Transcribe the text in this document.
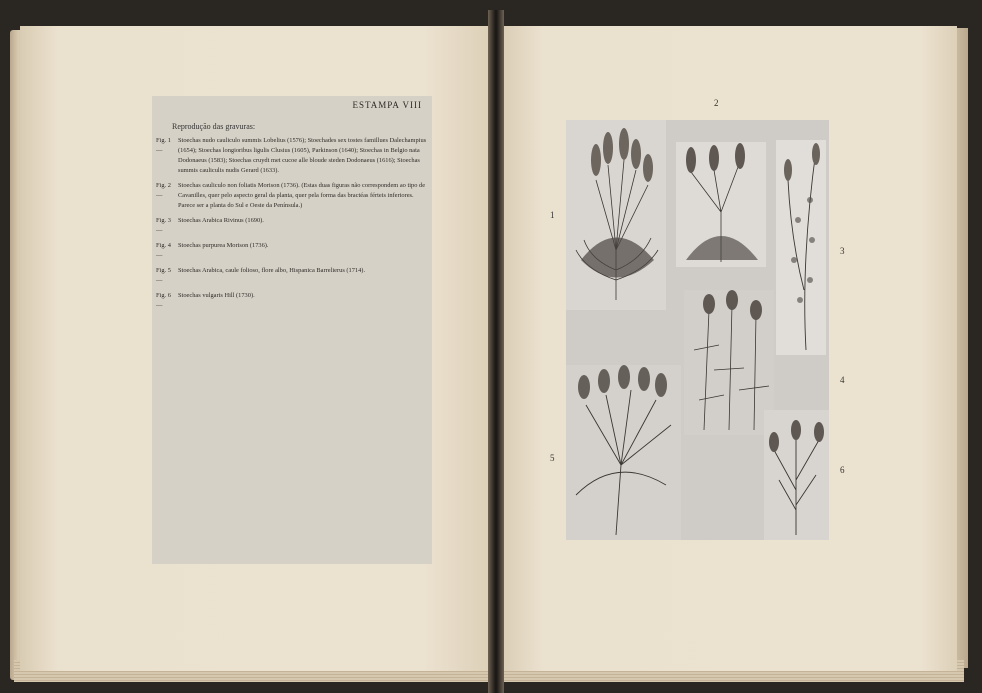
ESTAMPA VIII
Reprodução das gravuras:
Fig. 1 —
Stoechas nudo cauliculo summis Lobelius (1576); Stoechades sex tostes famillues Dalechampius (1654); Stoechas longioribus ligulis Clusius (1605), Parkinson (1640); Stoechas in Belgio nata Dodonaeus (1583); Stoechas cruydt met cucoe alle bloude steden Dodonaeus (1616); Stoechas summis cauliculis nudis Gerard (1633).
Fig. 2 —
Stoechas cauliculo non foliatis Morison (1736). (Estas duas figuras não correspondem ao tipo de Cavanilles, quer pelo aspecto geral da planta, quer pela forma das bractéas férteis inferiores. Parece ser a planta do Sul e Oeste da Península.)
Fig. 3 —
Stoechas Arabica Rivinus (1690).
Fig. 4 —
Stoechas purpurea Morison (1736).
Fig. 5 —
Stoechas Arabica, caule folioso, flore albo, Hispanica Barrelierus (1714).
Fig. 6 —
Stoechas vulgaris Hill (1730).
2
1
3
4
5
6
